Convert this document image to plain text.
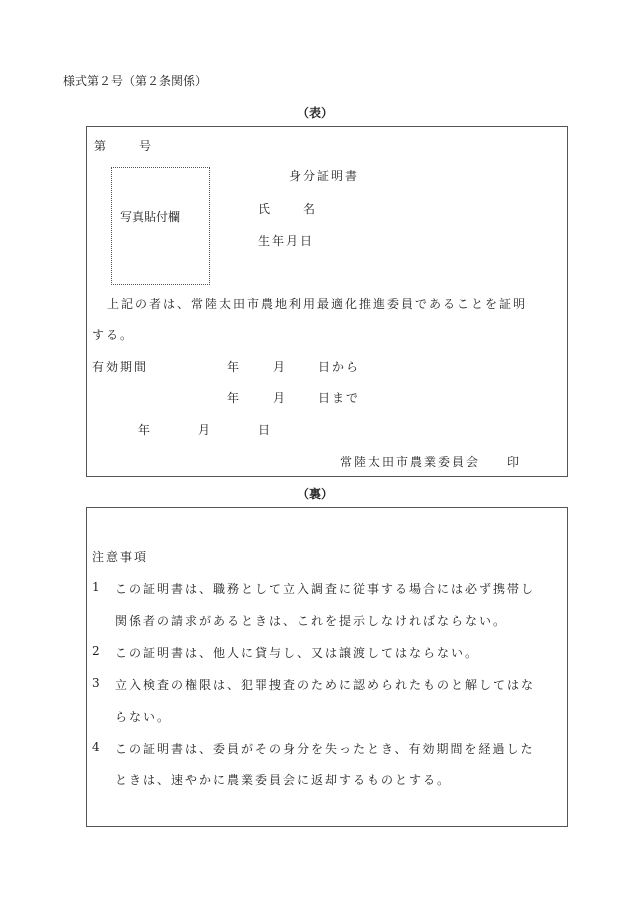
様式第２号（第２条関係）
（表）
第	号
写真貼付欄
身分証明書
氏	名
生年月日
上記の者は、常陸太田市農地利用最適化推進委員であることを証明
する。
有効期間	年	月	日から
年	月	日まで
年	月	日
常陸太田市農業委員会 印
（裏）
注意事項
1 この証明書は、職務として立入調査に従事する場合には必ず携帯し
関係者の請求があるときは、これを提示しなければならない。
2 この証明書は、他人に貸与し、又は譲渡してはならない。
3 立入検査の権限は、犯罪捜査のために認められたものと解してはな
らない。
4 この証明書は、委員がその身分を失ったとき、有効期間を経過した
ときは、速やかに農業委員会に返却するものとする。
